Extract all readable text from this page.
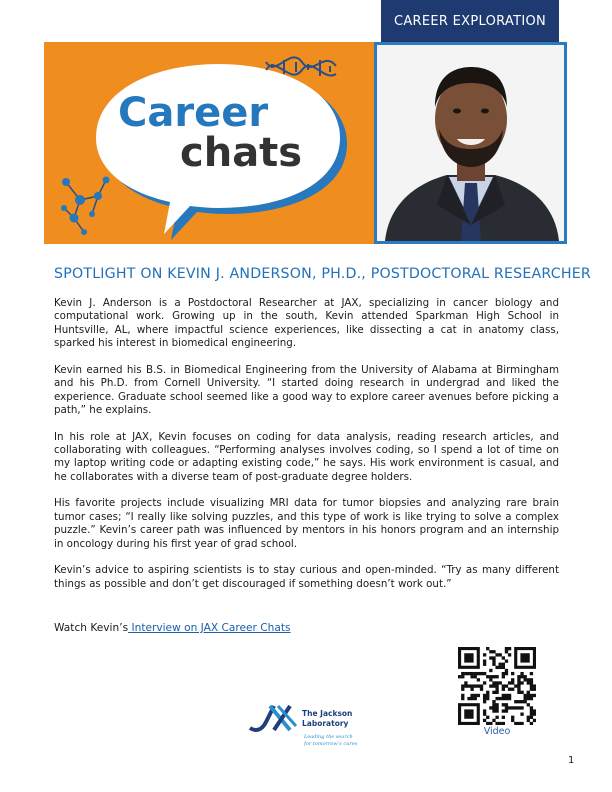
CAREER EXPLORATION
Career
chats
SPOTLIGHT ON KEVIN J. ANDERSON, PH.D., POSTDOCTORAL RESEARCHER

Kevin J. Anderson is a Postdoctoral Researcher at JAX, specializing in cancer biology and computational work. Growing up in the south, Kevin attended Sparkman High School in Huntsville, AL, where impactful science experiences, like dissecting a cat in anatomy class, sparked his interest in biomedical engineering.

Kevin earned his B.S. in Biomedical Engineering from the University of Alabama at Birmingham and his Ph.D. from Cornell University. “I started doing research in undergrad and liked the experience. Graduate school seemed like a good way to explore career avenues before picking a path,” he explains.

In his role at JAX, Kevin focuses on coding for data analysis, reading research articles, and collaborating with colleagues. “Performing analyses involves coding, so I spend a lot of time on my laptop writing code or adapting existing code,” he says. His work environment is casual, and he collaborates with a diverse team of post-graduate degree holders.

His favorite projects include visualizing MRI data for tumor biopsies and analyzing rare brain tumor cases; “I really like solving puzzles, and this type of work is like trying to solve a complex puzzle.” Kevin’s career path was influenced by mentors in his honors program and an internship in oncology during his first year of grad school.

Kevin’s advice to aspiring scientists is to stay curious and open-minded. “Try as many different things as possible and don’t get discouraged if something doesn’t work out.”

Watch Kevin’s Interview on JAX Career Chats
Video
The Jackson
Laboratory
Leading the search
for tomorrow’s cures
1
